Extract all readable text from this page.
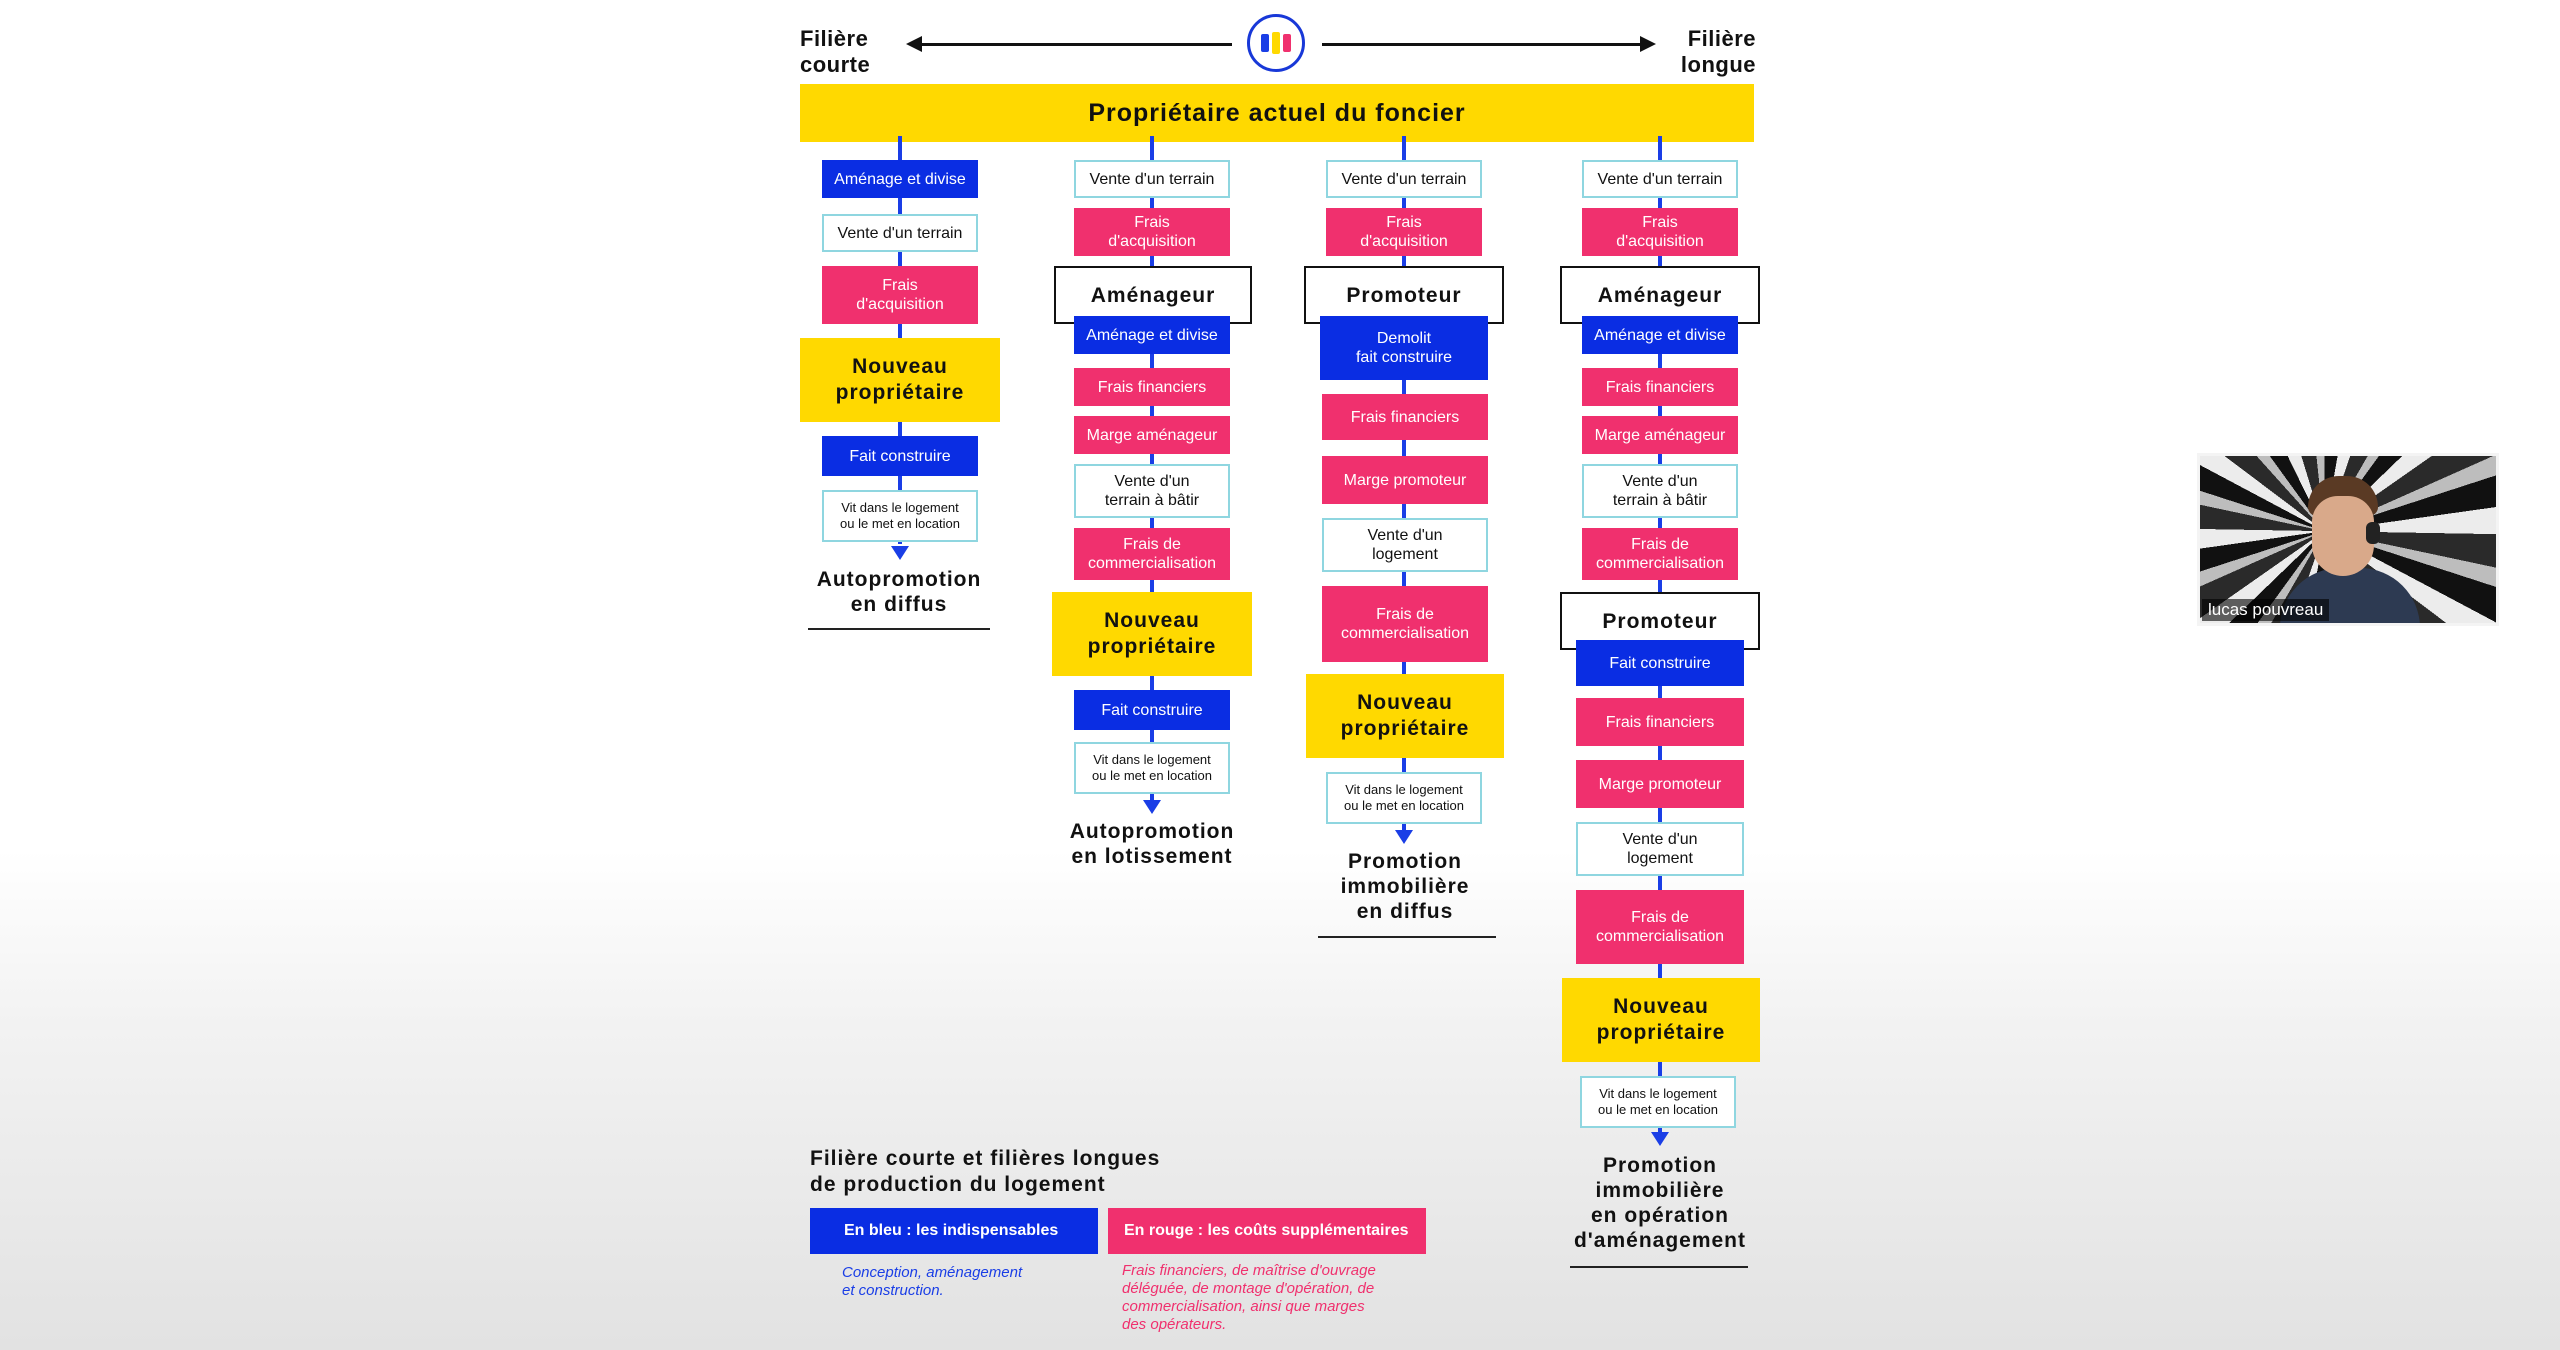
Filière
courte
Filière
longue
Propriétaire actuel du foncier
Aménage et divise
Vente d'un terrain
Frais
d'acquisition
Nouveau
propriétaire
Fait construire
Vit dans le logement
ou le met en location
Autopromotion
en diffus
Vente d'un terrain
Frais
d'acquisition
Aménageur
Aménage et divise
Frais financiers
Marge aménageur
Vente d'un
terrain à bâtir
Frais de
commercialisation
Nouveau
propriétaire
Fait construire
Vit dans le logement
ou le met en location
Autopromotion
en lotissement
Vente d'un terrain
Frais
d'acquisition
Promoteur
Demolit
fait construire
Frais financiers
Marge promoteur
Vente d'un
logement
Frais de
commercialisation
Nouveau
propriétaire
Vit dans le logement
ou le met en location
Promotion
immobilière
en diffus
Vente d'un terrain
Frais
d'acquisition
Aménageur
Aménage et divise
Frais financiers
Marge aménageur
Vente d'un
terrain à bâtir
Frais de
commercialisation
Promoteur
Fait construire
Frais financiers
Marge promoteur
Vente d'un
logement
Frais de
commercialisation
Nouveau
propriétaire
Vit dans le logement
ou le met en location
Promotion
immobilière
en opération
d'aménagement
Filière courte et filières longues
de production du logement
En bleu : les indispensables
Conception, aménagement
et construction.
En rouge : les coûts supplémentaires
Frais financiers, de maîtrise d'ouvrage
déléguée, de montage d'opération, de
commercialisation, ainsi que marges
des opérateurs.
lucas pouvreau
